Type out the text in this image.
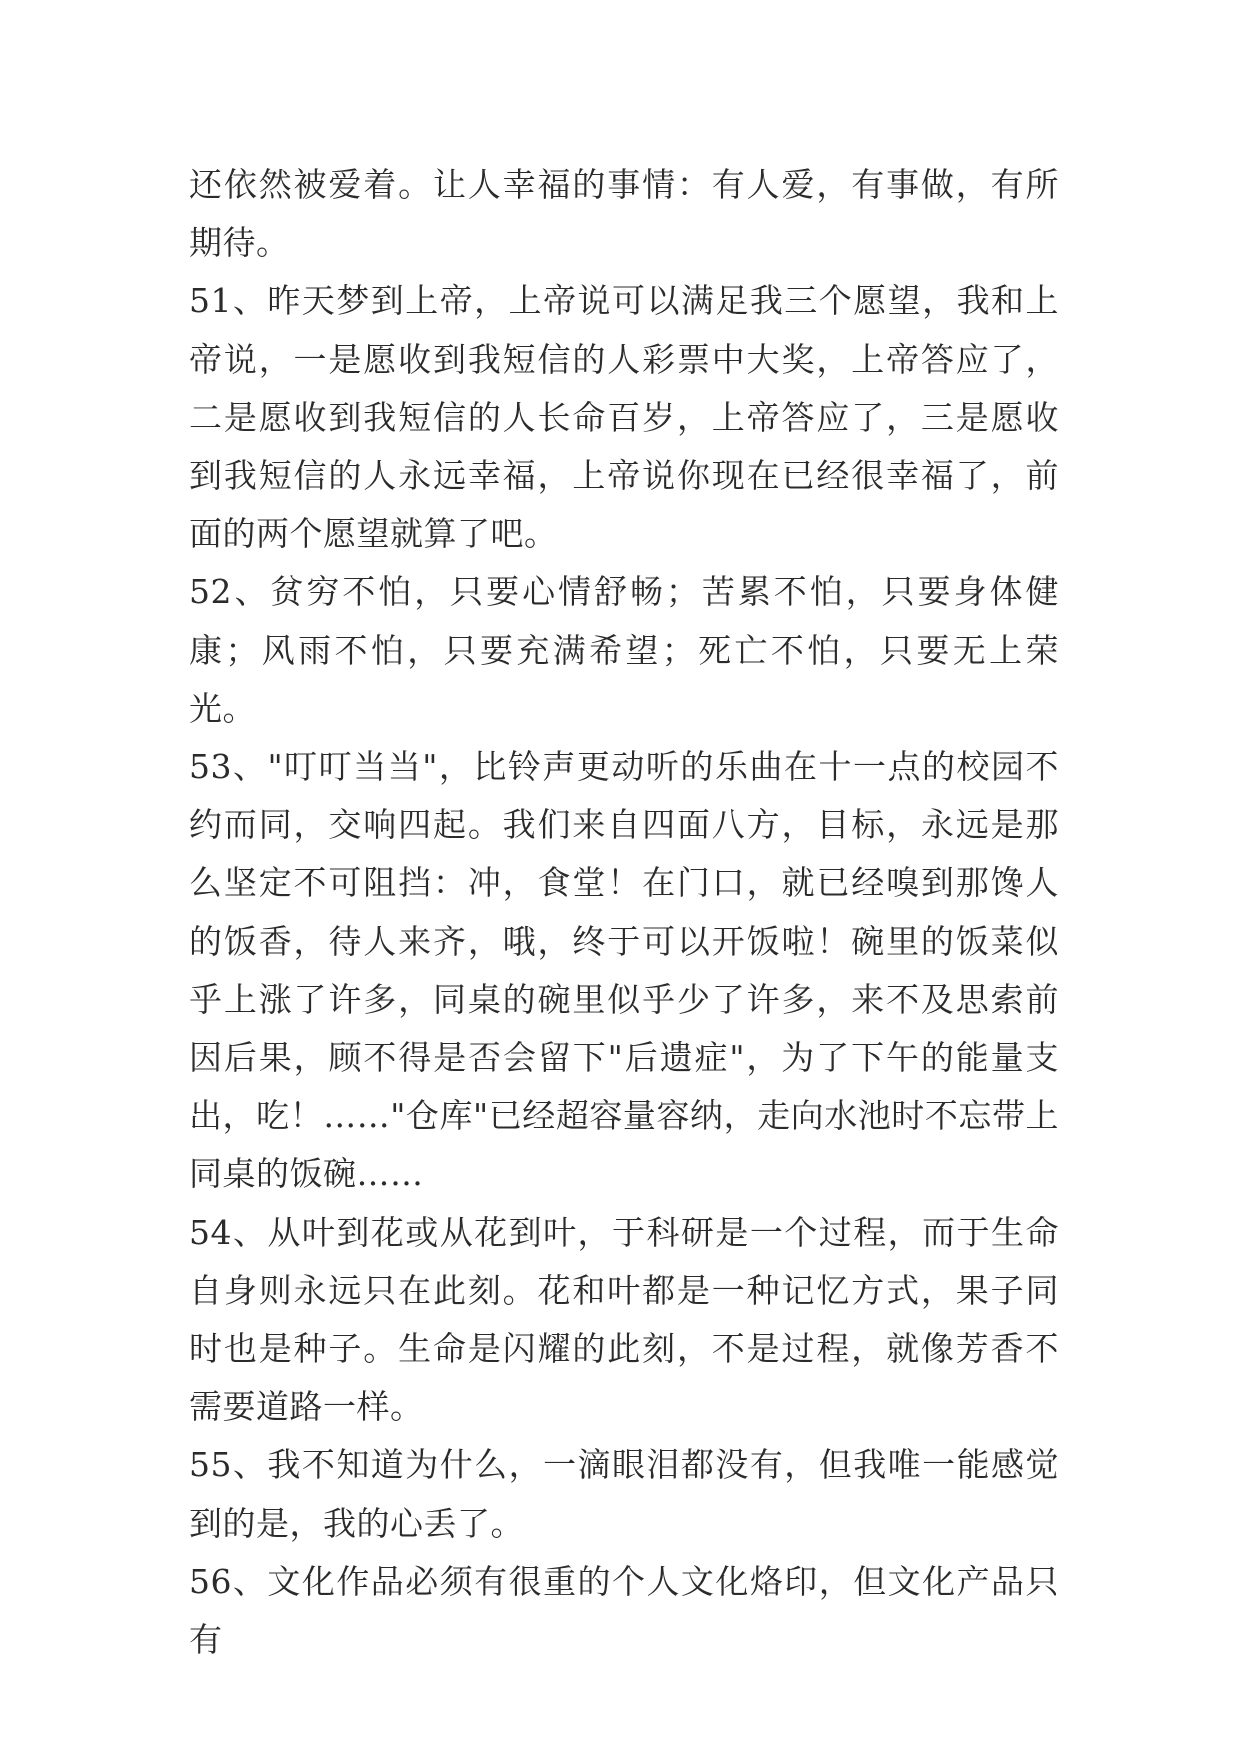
还依然被爱着。让人幸福的事情：有人爱，有事做，有所期待。

51、昨天梦到上帝，上帝说可以满足我三个愿望，我和上帝说，一是愿收到我短信的人彩票中大奖，上帝答应了，二是愿收到我短信的人长命百岁，上帝答应了，三是愿收到我短信的人永远幸福，上帝说你现在已经很幸福了，前面的两个愿望就算了吧。

52、贫穷不怕，只要心情舒畅；苦累不怕，只要身体健康；风雨不怕，只要充满希望；死亡不怕，只要无上荣光。

53、"叮叮当当"，比铃声更动听的乐曲在十一点的校园不约而同，交响四起。我们来自四面八方，目标，永远是那么坚定不可阻挡：冲，食堂！在门口，就已经嗅到那馋人的饭香，待人来齐，哦，终于可以开饭啦！碗里的饭菜似乎上涨了许多，同桌的碗里似乎少了许多，来不及思索前因后果，顾不得是否会留下"后遗症"，为了下午的能量支出，吃！……"仓库"已经超容量容纳，走向水池时不忘带上同桌的饭碗……

54、从叶到花或从花到叶，于科研是一个过程，而于生命自身则永远只在此刻。花和叶都是一种记忆方式，果子同时也是种子。生命是闪耀的此刻，不是过程，就像芳香不需要道路一样。

55、我不知道为什么，一滴眼泪都没有，但我唯一能感觉到的是，我的心丢了。

56、文化作品必须有很重的个人文化烙印，但文化产品只有
